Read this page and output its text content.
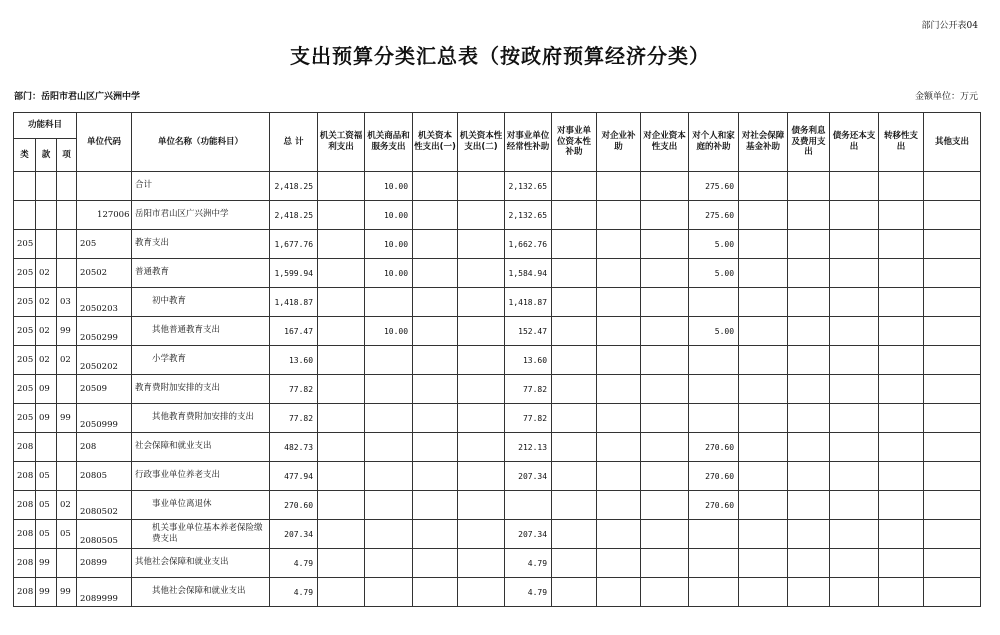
部门公开表04
支出预算分类汇总表（按政府预算经济分类）
部门：岳阳市君山区广兴洲中学	金额单位：万元
功能科目			单位代码	单位名称（功能科目）	总 计	机关工资福利支出	机关商品和服务支出	机关资本性支出(一)	机关资本性支出(二)	对事业单位经常性补助	对事业单位资本性补助	对企业补助	对企业资本性支出	对个人和家庭的补助	对社会保障基金补助	债务利息及费用支出	债务还本支出	转移性支出	其他支出
类	款	项																	
				合计	2,418.25		10.00			2,132.65				275.60					
			127006	岳阳市君山区广兴洲中学	2,418.25		10.00			2,132.65				275.60					
205			205	教育支出	1,677.76		10.00			1,662.76				5.00					
205	02		20502	普通教育	1,599.94		10.00			1,584.94				5.00					
205	02	03	2050203	初中教育	1,418.87					1,418.87									
205	02	99	2050299	其他普通教育支出	167.47		10.00			152.47				5.00					
205	02	02	2050202	小学教育	13.60					13.60									
205	09		20509	教育费附加安排的支出	77.82					77.82									
205	09	99	2050999	其他教育费附加安排的支出	77.82					77.82									
208			208	社会保障和就业支出	482.73					212.13				270.60					
208	05		20805	行政事业单位养老支出	477.94					207.34				270.60					
208	05	02	2080502	事业单位离退休	270.60									270.60					
208	05	05	2080505	机关事业单位基本养老保险缴费支出	207.34					207.34									
208	99		20899	其他社会保障和就业支出	4.79					4.79									
208	99	99	2089999	其他社会保障和就业支出	4.79					4.79									
